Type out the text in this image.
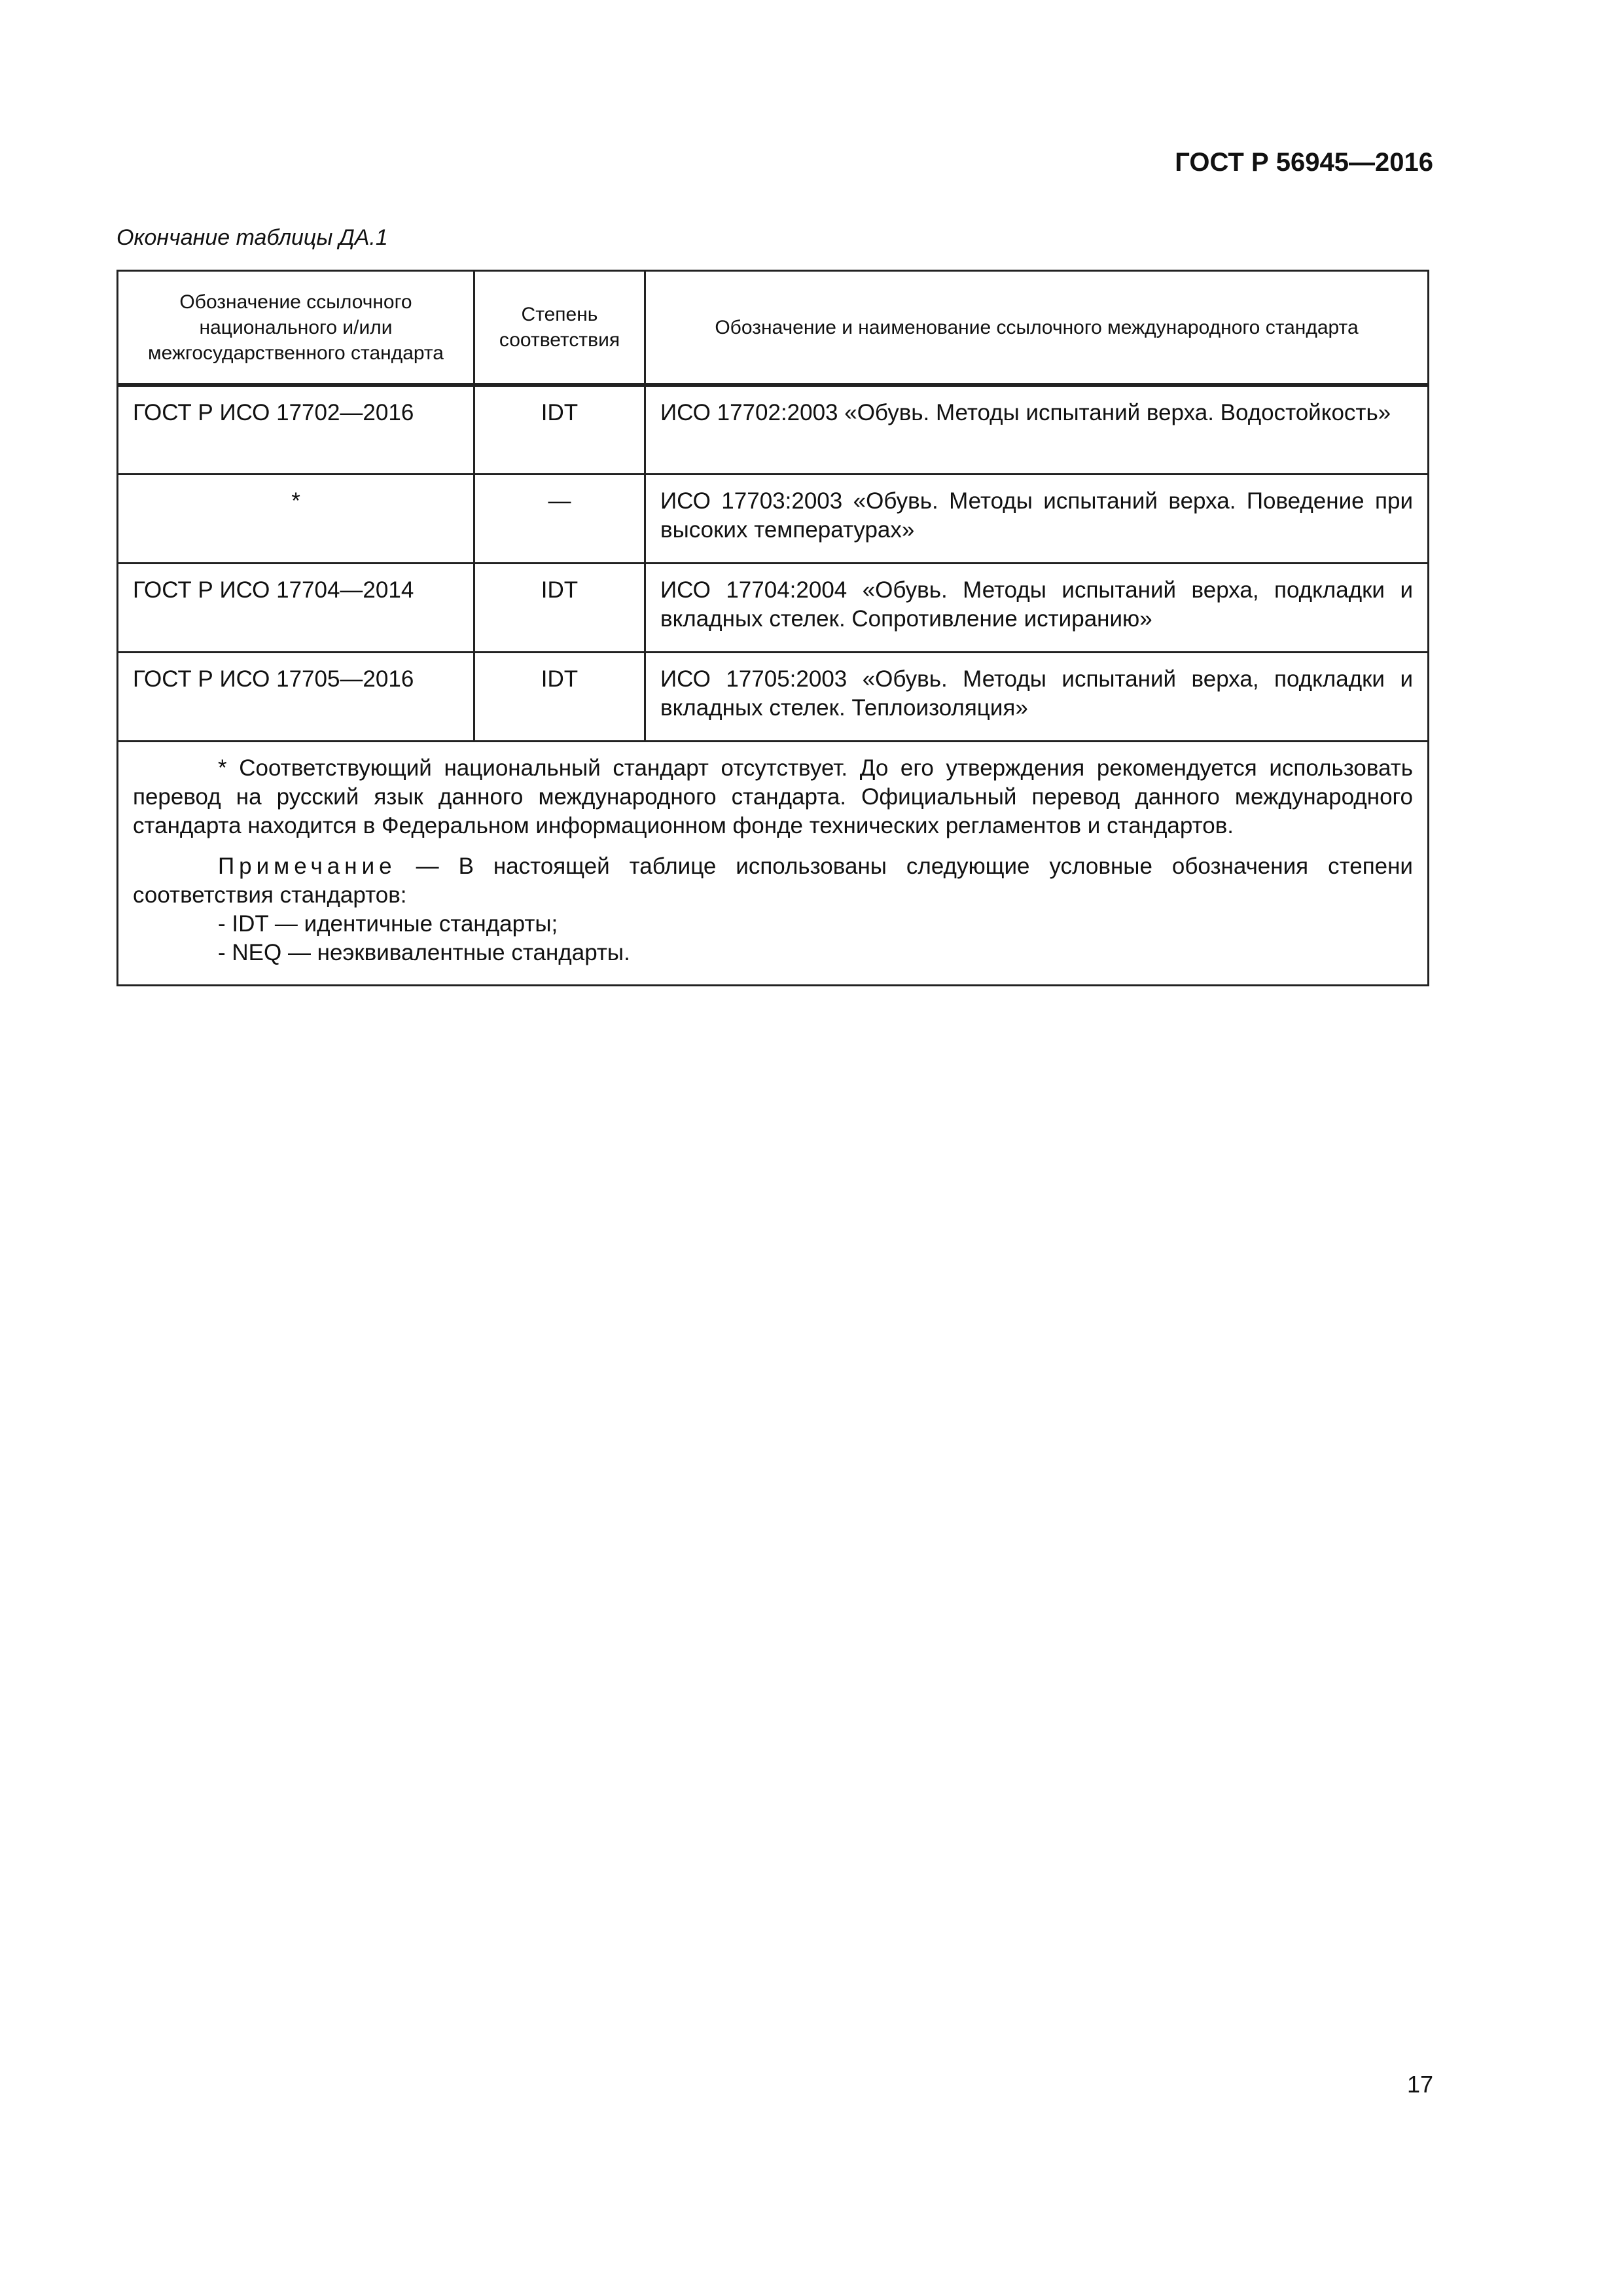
ГОСТ Р 56945—2016
Окончание таблицы ДА.1
Обозначение ссылочного национального и/или межгосударственного стандарта	Степень соответствия	Обозначение и наименование ссылочного международного стандарта
ГОСТ Р ИСО 17702—2016	IDT	ИСО 17702:2003 «Обувь. Методы испытаний верха. Водостойкость»
*	—	ИСО 17703:2003 «Обувь. Методы испытаний верха. Поведение при высоких температурах»
ГОСТ Р ИСО 17704—2014	IDT	ИСО 17704:2004 «Обувь. Методы испытаний верха, подкладки и вкладных стелек. Сопротивление истиранию»
ГОСТ Р ИСО 17705—2016	IDT	ИСО 17705:2003 «Обувь. Методы испытаний верха, подкладки и вкладных стелек. Теплоизоляция»

* Соответствующий национальный стандарт отсутствует. До его утверждения рекомендуется использовать перевод на русский язык данного международного стандарта. Официальный перевод данного международного стандарта находится в Федеральном информационном фонде технических регламентов и стандартов.

Примечание — В настоящей таблице использованы следующие условные обозначения степени соответствия стандартов:

- IDT — идентичные стандарты;
- NEQ — неэквивалентные стандарты.		
17
